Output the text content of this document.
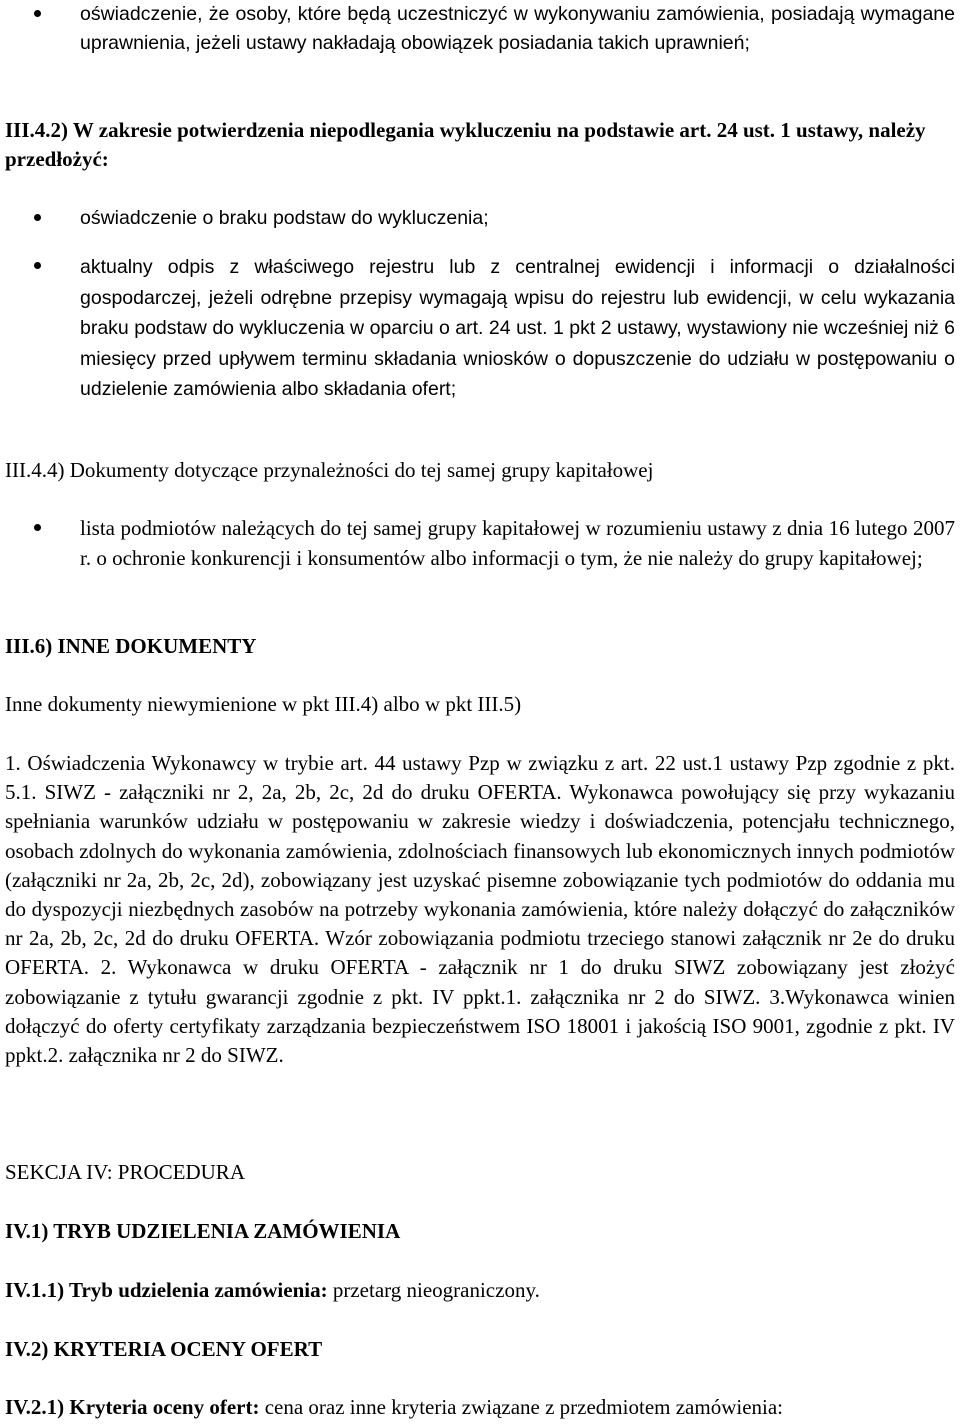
oświadczenie, że osoby, które będą uczestniczyć w wykonywaniu zamówienia, posiadają wymagane uprawnienia, jeżeli ustawy nakładają obowiązek posiadania takich uprawnień;
III.4.2) W zakresie potwierdzenia niepodlegania wykluczeniu na podstawie art. 24 ust. 1 ustawy, należy przedłożyć:
oświadczenie o braku podstaw do wykluczenia;
aktualny odpis z właściwego rejestru lub z centralnej ewidencji i informacji o działalności gospodarczej, jeżeli odrębne przepisy wymagają wpisu do rejestru lub ewidencji, w celu wykazania braku podstaw do wykluczenia w oparciu o art. 24 ust. 1 pkt 2 ustawy, wystawiony nie wcześniej niż 6 miesięcy przed upływem terminu składania wniosków o dopuszczenie do udziału w postępowaniu o udzielenie zamówienia albo składania ofert;
III.4.4) Dokumenty dotyczące przynależności do tej samej grupy kapitałowej
lista podmiotów należących do tej samej grupy kapitałowej w rozumieniu ustawy z dnia 16 lutego 2007 r. o ochronie konkurencji i konsumentów albo informacji o tym, że nie należy do grupy kapitałowej;
III.6) INNE DOKUMENTY
Inne dokumenty niewymienione w pkt III.4) albo w pkt III.5)
1. Oświadczenia Wykonawcy w trybie art. 44 ustawy Pzp w związku z art. 22 ust.1 ustawy Pzp zgodnie z pkt. 5.1. SIWZ - załączniki nr 2, 2a, 2b, 2c, 2d do druku OFERTA. Wykonawca powołujący się przy wykazaniu spełniania warunków udziału w postępowaniu w zakresie wiedzy i doświadczenia, potencjału technicznego, osobach zdolnych do wykonania zamówienia, zdolnościach finansowych lub ekonomicznych innych podmiotów (załączniki nr 2a, 2b, 2c, 2d), zobowiązany jest uzyskać pisemne zobowiązanie tych podmiotów do oddania mu do dyspozycji niezbędnych zasobów na potrzeby wykonania zamówienia, które należy dołączyć do załączników nr 2a, 2b, 2c, 2d do druku OFERTA. Wzór zobowiązania podmiotu trzeciego stanowi załącznik nr 2e do druku OFERTA. 2. Wykonawca w druku OFERTA - załącznik nr 1 do druku SIWZ zobowiązany jest złożyć zobowiązanie z tytułu gwarancji zgodnie z pkt. IV ppkt.1. załącznika nr 2 do SIWZ. 3.Wykonawca winien dołączyć do oferty certyfikaty zarządzania bezpieczeństwem ISO 18001 i jakością ISO 9001, zgodnie z pkt. IV ppkt.2. załącznika nr 2 do SIWZ.
SEKCJA IV: PROCEDURA
IV.1) TRYB UDZIELENIA ZAMÓWIENIA
IV.1.1) Tryb udzielenia zamówienia: przetarg nieograniczony.
IV.2) KRYTERIA OCENY OFERT
IV.2.1) Kryteria oceny ofert: cena oraz inne kryteria związane z przedmiotem zamówienia:
